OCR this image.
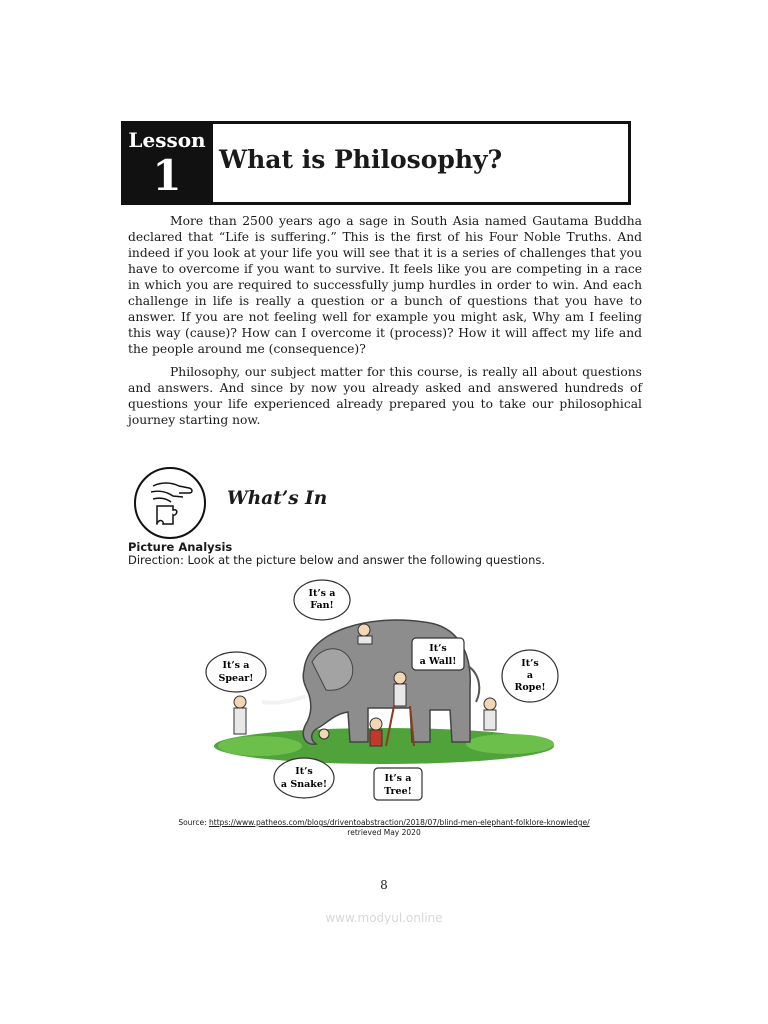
Lesson
1 What is Philosophy?

More than 2500 years ago a sage in South Asia named Gautama Buddha declared that “Life is suffering.” This is the first of his Four Noble Truths. And indeed if you look at your life you will see that it is a series of challenges that you have to overcome if you want to survive. It feels like you are competing in a race in which you are required to successfully jump hurdles in order to win. And each challenge in life is really a question or a bunch of questions that you have to answer. If you are not feeling well for example you might ask, Why am I feeling this way (cause)? How can I overcome it (process)? How it will affect my life and the people around me (consequence)?

Philosophy, our subject matter for this course, is really all about questions and answers. And since by now you already asked and answered hundreds of questions your life experienced already prepared you to take our philosophical journey starting now.

What’s In
Picture Analysis
Direction: Look at the picture below and answer the following questions.
It’s a
Fan!
It’s
a Wall!
It’s a
Spear!
It’s
a
Rope!
It’s
a Snake!
It’s a
Tree!
Source: https://www.patheos.com/blogs/driventoabstraction/2018/07/blind-men-elephant-folklore-knowledge/
retrieved May 2020
8
www.modyul.online
